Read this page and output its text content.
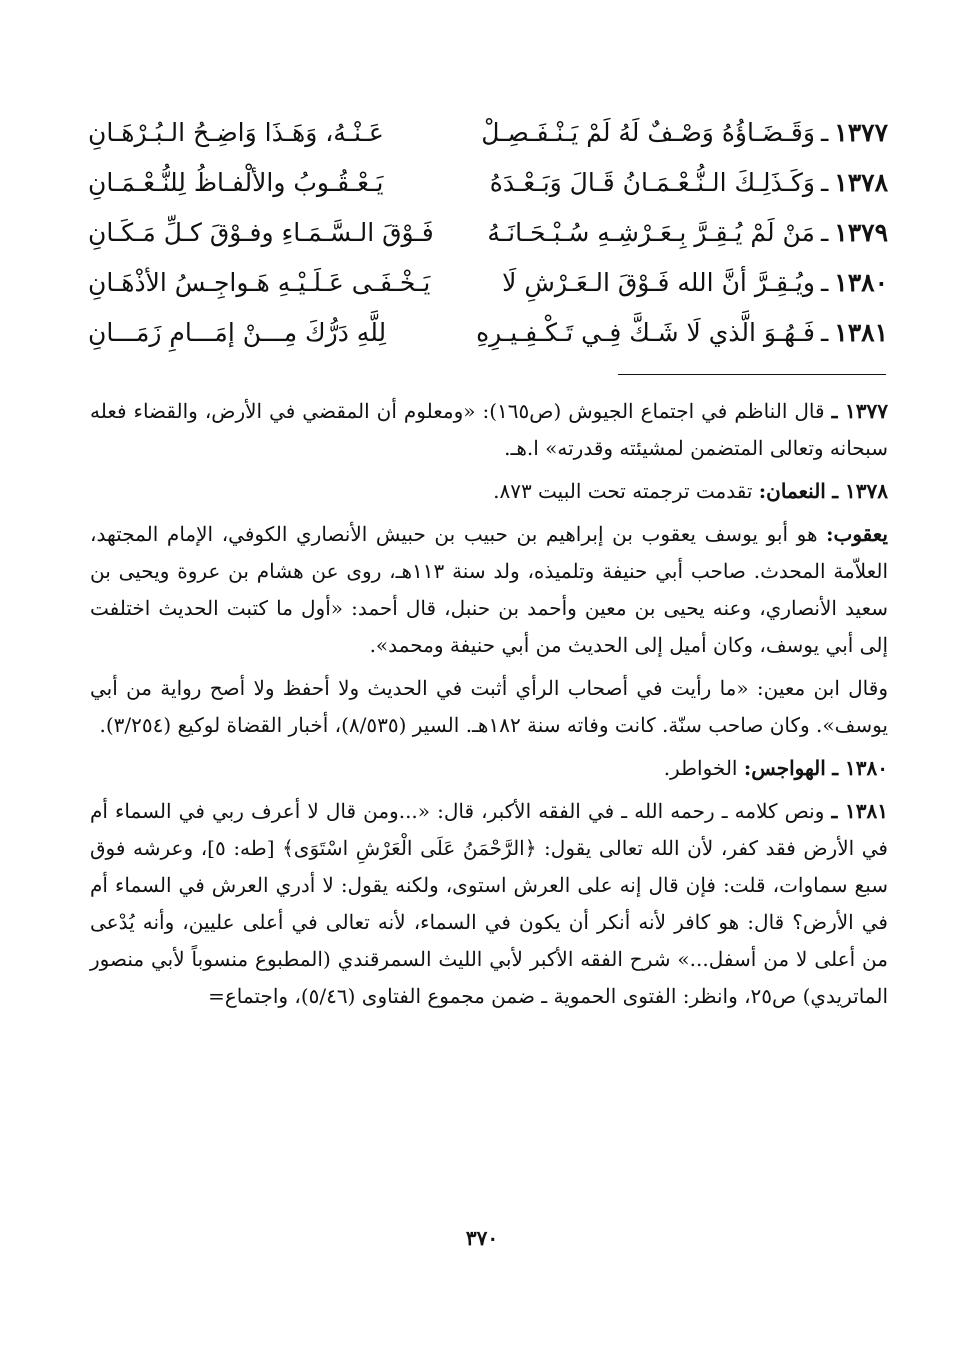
١٣٧٧
ـ
وَقَـضَـاؤُهُ وَصْـفٌ لَهُ لَمْ يَـنْـفَـصِـلْ
عَـنْـهُ، وَهَـذَا وَاضِـحُ الـبُـرْهَـانِ
١٣٧٨
ـ
وَكَـذَلِـكَ الـنُّـعْـمَـانُ قَـالَ وَبَـعْـدَهُ
يَـعْـقُـوبُ والألْفـاظُ لِلنُّـعْـمَـانِ
١٣٧٩
ـ
مَنْ لَمْ يُـقِـرَّ بِـعَـرْشِـهِ سُـبْـحَـانَـهُ
فَـوْقَ الـسَّـمَـاءِ وفـوْقَ كـلِّ مَـكَـانِ
١٣٨٠
ـ
ويُـقِـرَّ أنَّ الله فَـوْقَ الـعَـرْشِ لَا
يَـخْـفَـى عَـلَـيْـهِ هَـواجِـسُ الأذْهَـانِ
١٣٨١
ـ
فَـهُـوَ الَّذي لَا شَـكَّ فِـي تَـكْـفِـيـرِهِ
لِلَّهِ دَرُّكَ مِـــنْ إمَـــامِ زَمَـــانِ

١٣٧٧ ـ قال الناظم في اجتماع الجيوش (ص١٦٥): «ومعلوم أن المقضي في الأرض، والقضاء فعله سبحانه وتعالى المتضمن لمشيئته وقدرته» ا.هـ.

١٣٧٨ ـ النعمان: تقدمت ترجمته تحت البيت ٨٧٣.

يعقوب: هو أبو يوسف يعقوب بن إبراهيم بن حبيب بن حبيش الأنصاري الكوفي، الإمام المجتهد، العلاّمة المحدث. صاحب أبي حنيفة وتلميذه، ولد سنة ١١٣هـ، روى عن هشام بن عروة ويحيى بن سعيد الأنصاري، وعنه يحيى بن معين وأحمد بن حنبل، قال أحمد: «أول ما كتبت الحديث اختلفت إلى أبي يوسف، وكان أميل إلى الحديث من أبي حنيفة ومحمد».

وقال ابن معين: «ما رأيت في أصحاب الرأي أثبت في الحديث ولا أحفظ ولا أصح رواية من أبي يوسف». وكان صاحب سنّة. كانت وفاته سنة ١٨٢هـ. السير (٨/٥٣٥)، أخبار القضاة لوكيع (٣/٢٥٤).

١٣٨٠ ـ الهواجس: الخواطر.

١٣٨١ ـ ونص كلامه ـ رحمه الله ـ في الفقه الأكبر، قال: «...ومن قال لا أعرف ربي في السماء أم في الأرض فقد كفر، لأن الله تعالى يقول: ﴿الرَّحْمَنُ عَلَى الْعَرْشِ اسْتَوَى﴾ [طه: ٥]، وعرشه فوق سبع سماوات، قلت: فإن قال إنه على العرش استوى، ولكنه يقول: لا أدري العرش في السماء أم في الأرض؟ قال: هو كافر لأنه أنكر أن يكون في السماء، لأنه تعالى في أعلى عليين، وأنه يُدْعى من أعلى لا من أسفل...» شرح الفقه الأكبر لأبي الليث السمرقندي (المطبوع منسوباً لأبي منصور الماتريدي) ص٢٥، وانظر: الفتوى الحموية ـ ضمن مجموع الفتاوى (٥/٤٦)، واجتماع=

٣٧٠
